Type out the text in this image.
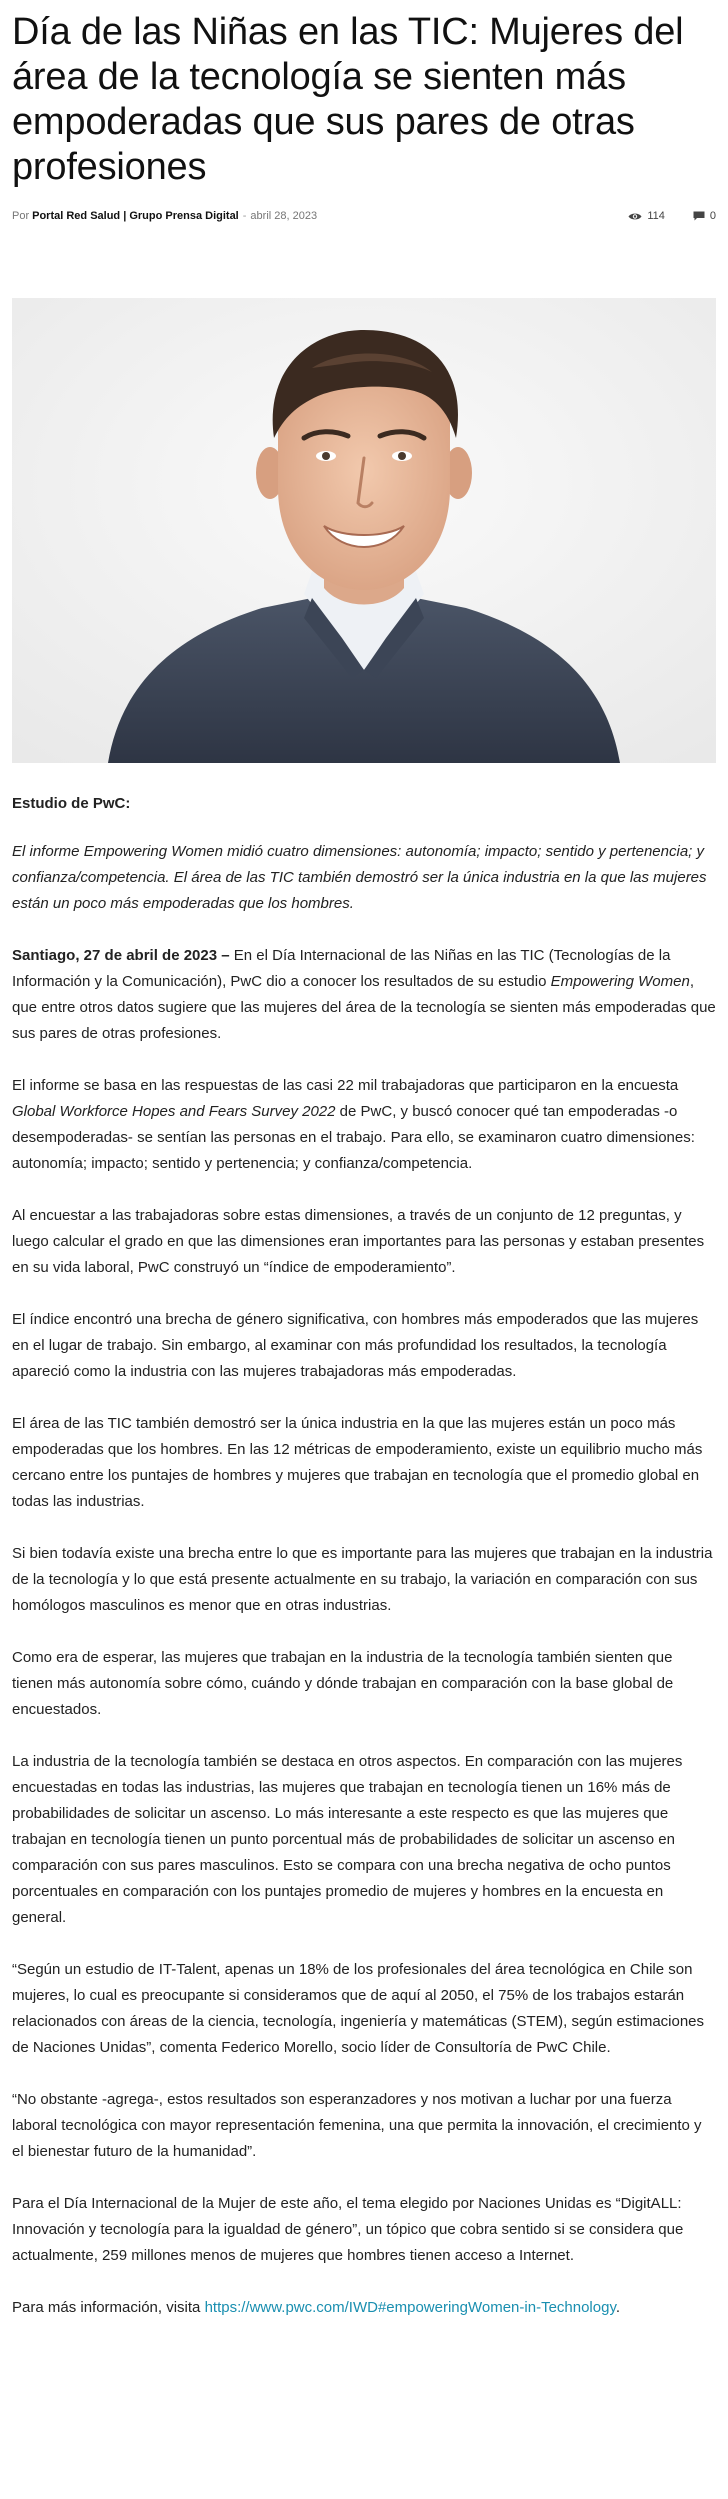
Día de las Niñas en las TIC: Mujeres del área de la tecnología se sienten más empoderadas que sus pares de otras profesiones
Por Portal Red Salud | Grupo Prensa Digital - abril 28, 2023	114	0

Estudio de PwC:

El informe Empowering Women midió cuatro dimensiones: autonomía; impacto; sentido y pertenencia; y confianza/competencia. El área de las TIC también demostró ser la única industria en la que las mujeres están un poco más empoderadas que los hombres.

Santiago, 27 de abril de 2023 – En el Día Internacional de las Niñas en las TIC (Tecnologías de la Información y la Comunicación), PwC dio a conocer los resultados de su estudio Empowering Women, que entre otros datos sugiere que las mujeres del área de la tecnología se sienten más empoderadas que sus pares de otras profesiones.

El informe se basa en las respuestas de las casi 22 mil trabajadoras que participaron en la encuesta Global Workforce Hopes and Fears Survey 2022 de PwC, y buscó conocer qué tan empoderadas -o desempoderadas- se sentían las personas en el trabajo. Para ello, se examinaron cuatro dimensiones: autonomía; impacto; sentido y pertenencia; y confianza/competencia.

Al encuestar a las trabajadoras sobre estas dimensiones, a través de un conjunto de 12 preguntas, y luego calcular el grado en que las dimensiones eran importantes para las personas y estaban presentes en su vida laboral, PwC construyó un “índice de empoderamiento”.

El índice encontró una brecha de género significativa, con hombres más empoderados que las mujeres en el lugar de trabajo. Sin embargo, al examinar con más profundidad los resultados, la tecnología apareció como la industria con las mujeres trabajadoras más empoderadas.

El área de las TIC también demostró ser la única industria en la que las mujeres están un poco más empoderadas que los hombres. En las 12 métricas de empoderamiento, existe un equilibrio mucho más cercano entre los puntajes de hombres y mujeres que trabajan en tecnología que el promedio global en todas las industrias.

Si bien todavía existe una brecha entre lo que es importante para las mujeres que trabajan en la industria de la tecnología y lo que está presente actualmente en su trabajo, la variación en comparación con sus homólogos masculinos es menor que en otras industrias.

Como era de esperar, las mujeres que trabajan en la industria de la tecnología también sienten que tienen más autonomía sobre cómo, cuándo y dónde trabajan en comparación con la base global de encuestados.

La industria de la tecnología también se destaca en otros aspectos. En comparación con las mujeres encuestadas en todas las industrias, las mujeres que trabajan en tecnología tienen un 16% más de probabilidades de solicitar un ascenso. Lo más interesante a este respecto es que las mujeres que trabajan en tecnología tienen un punto porcentual más de probabilidades de solicitar un ascenso en comparación con sus pares masculinos. Esto se compara con una brecha negativa de ocho puntos porcentuales en comparación con los puntajes promedio de mujeres y hombres en la encuesta en general.

“Según un estudio de IT-Talent, apenas un 18% de los profesionales del área tecnológica en Chile son mujeres, lo cual es preocupante si consideramos que de aquí al 2050, el 75% de los trabajos estarán relacionados con áreas de la ciencia, tecnología, ingeniería y matemáticas (STEM), según estimaciones de Naciones Unidas”, comenta Federico Morello, socio líder de Consultoría de PwC Chile.

“No obstante -agrega-, estos resultados son esperanzadores y nos motivan a luchar por una fuerza laboral tecnológica con mayor representación femenina, una que permita la innovación, el crecimiento y el bienestar futuro de la humanidad”.

Para el Día Internacional de la Mujer de este año, el tema elegido por Naciones Unidas es “DigitALL: Innovación y tecnología para la igualdad de género”, un tópico que cobra sentido si se considera que actualmente, 259 millones menos de mujeres que hombres tienen acceso a Internet.

Para más información, visita https://www.pwc.com/IWD#empoweringWomen-in-Technology.
